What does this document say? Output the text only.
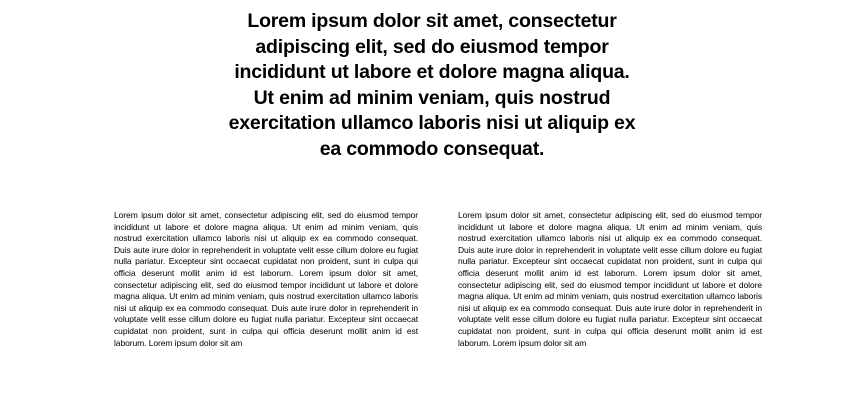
Lorem ipsum dolor sit amet, consectetur adipiscing elit, sed do eiusmod tempor incididunt ut labore et dolore magna aliqua. Ut enim ad minim veniam, quis nostrud exercitation ullamco laboris nisi ut aliquip ex ea commodo consequat.

Lorem ipsum dolor sit amet, consectetur adipiscing elit, sed do eiusmod tempor incididunt ut labore et dolore magna aliqua. Ut enim ad minim veniam, quis nostrud exercitation ullamco laboris nisi ut aliquip ex ea commodo consequat. Duis aute irure dolor in reprehenderit in voluptate velit esse cillum dolore eu fugiat nulla pariatur. Excepteur sint occaecat cupidatat non proident, sunt in culpa qui officia deserunt mollit anim id est laborum. Lorem ipsum dolor sit amet, consectetur adipiscing elit, sed do eiusmod tempor incididunt ut labore et dolore magna aliqua. Ut enim ad minim veniam, quis nostrud exercitation ullamco laboris nisi ut aliquip ex ea commodo consequat. Duis aute irure dolor in reprehenderit in voluptate velit esse cillum dolore eu fugiat nulla pariatur. Excepteur sint occaecat cupidatat non proident, sunt in culpa qui officia deserunt mollit anim id est laborum. Lorem ipsum dolor sit am

Lorem ipsum dolor sit amet, consectetur adipiscing elit, sed do eiusmod tempor incididunt ut labore et dolore magna aliqua. Ut enim ad minim veniam, quis nostrud exercitation ullamco laboris nisi ut aliquip ex ea commodo consequat. Duis aute irure dolor in reprehenderit in voluptate velit esse cillum dolore eu fugiat nulla pariatur. Excepteur sint occaecat cupidatat non proident, sunt in culpa qui officia deserunt mollit anim id est laborum. Lorem ipsum dolor sit amet, consectetur adipiscing elit, sed do eiusmod tempor incididunt ut labore et dolore magna aliqua. Ut enim ad minim veniam, quis nostrud exercitation ullamco laboris nisi ut aliquip ex ea commodo consequat. Duis aute irure dolor in reprehenderit in voluptate velit esse cillum dolore eu fugiat nulla pariatur. Excepteur sint occaecat cupidatat non proident, sunt in culpa qui officia deserunt mollit anim id est laborum. Lorem ipsum dolor sit am
